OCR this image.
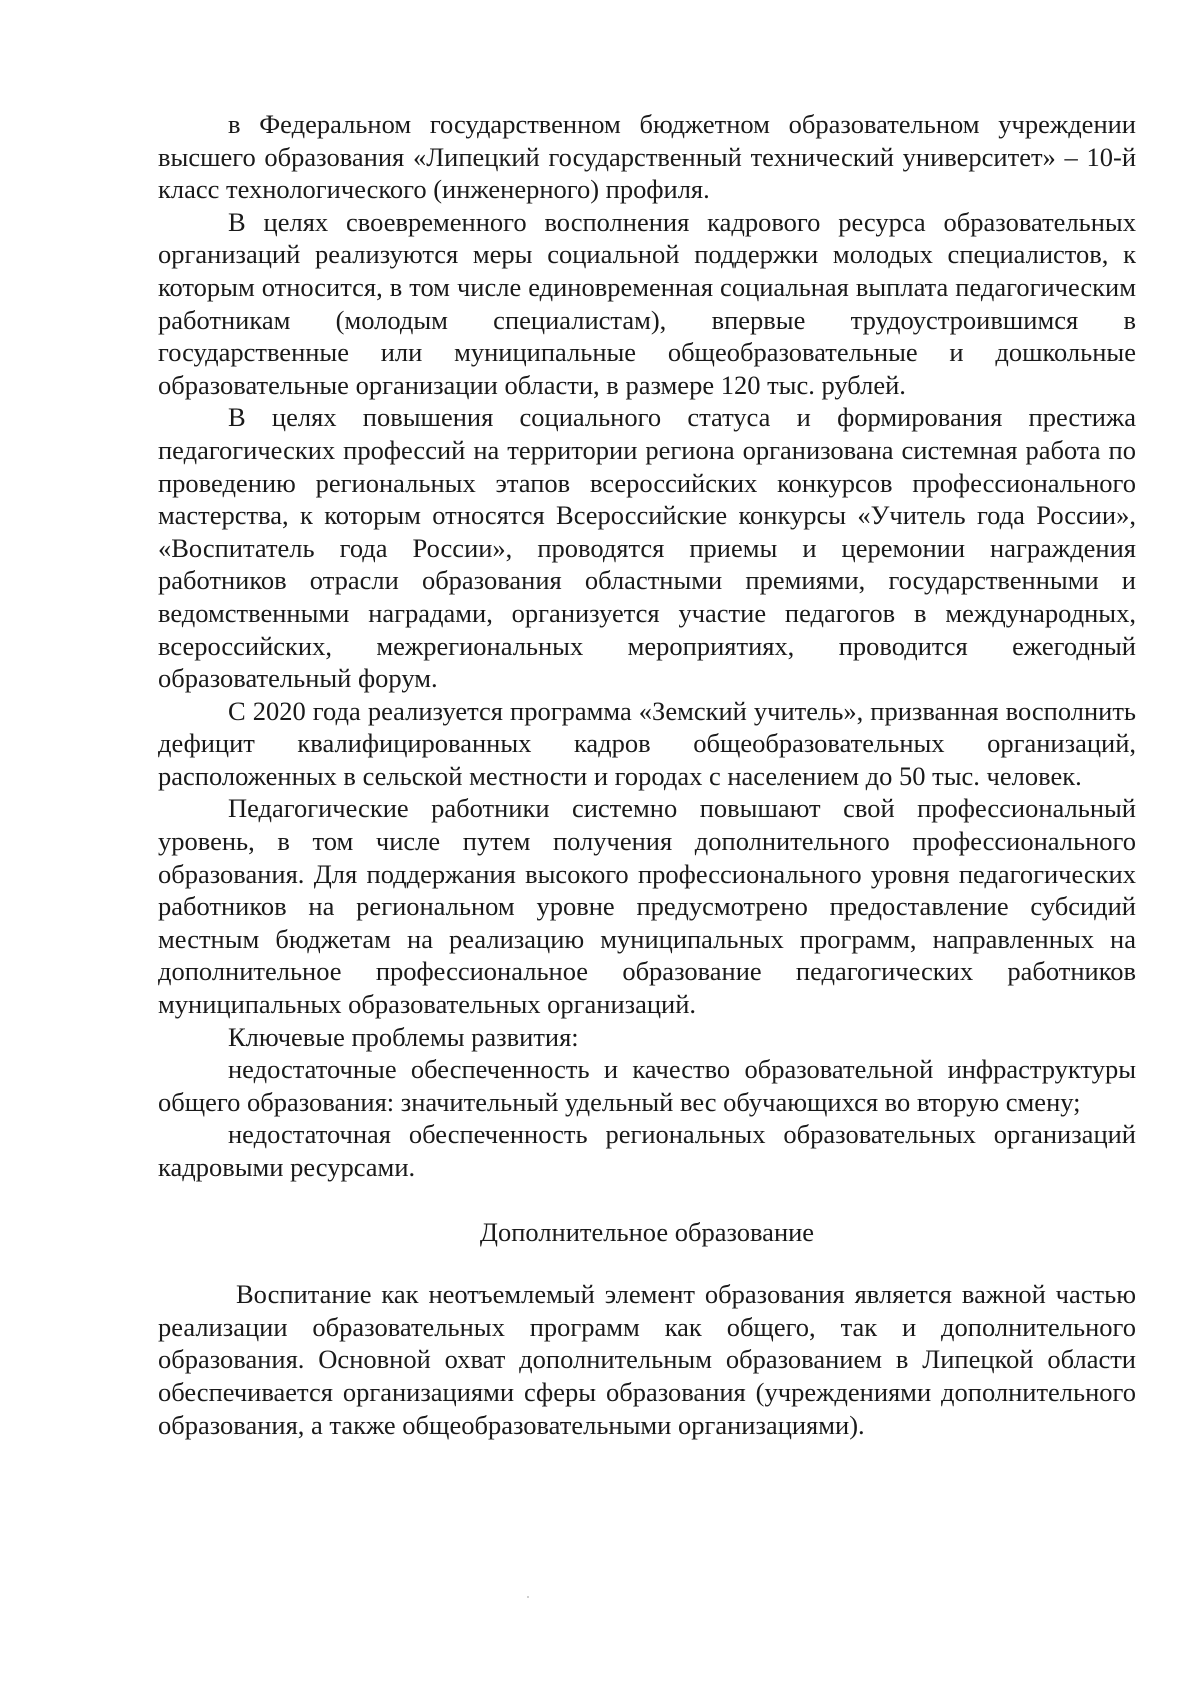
в Федеральном государственном бюджетном образовательном учреждении высшего образования «Липецкий государственный технический университет» – 10-й класс технологического (инженерного) профиля.

В целях своевременного восполнения кадрового ресурса образовательных организаций реализуются меры социальной поддержки молодых специалистов, к которым относится, в том числе единовременная социальная выплата педагогическим работникам (молодым специалистам), впервые трудоустроившимся в государственные или муниципальные общеобразовательные и дошкольные образовательные организации области, в размере 120 тыс. рублей.

В целях повышения социального статуса и формирования престижа педагогических профессий на территории региона организована системная работа по проведению региональных этапов всероссийских конкурсов профессионального мастерства, к которым относятся Всероссийские конкурсы «Учитель года России», «Воспитатель года России», проводятся приемы и церемонии награждения работников отрасли образования областными премиями, государственными и ведомственными наградами, организуется участие педагогов в международных, всероссийских, межрегиональных мероприятиях, проводится ежегодный образовательный форум.

С 2020 года реализуется программа «Земский учитель», призванная восполнить дефицит квалифицированных кадров общеобразовательных организаций, расположенных в сельской местности и городах с населением до 50 тыс. человек.

Педагогические работники системно повышают свой профессиональный уровень, в том числе путем получения дополнительного профессионального образования. Для поддержания высокого профессионального уровня педагогических работников на региональном уровне предусмотрено предоставление субсидий местным бюджетам на реализацию муниципальных программ, направленных на дополнительное профессиональное образование педагогических работников муниципальных образовательных организаций.

Ключевые проблемы развития:

недостаточные обеспеченность и качество образовательной инфраструктуры общего образования: значительный удельный вес обучающихся во вторую смену;

недостаточная обеспеченность региональных образовательных организаций кадровыми ресурсами.

Дополнительное образование

Воспитание как неотъемлемый элемент образования является важной частью реализации образовательных программ как общего, так и дополнительного образования. Основной охват дополнительным образованием в Липецкой области обеспечивается организациями сферы образования (учреждениями дополнительного образования, а также общеобразовательными организациями).
